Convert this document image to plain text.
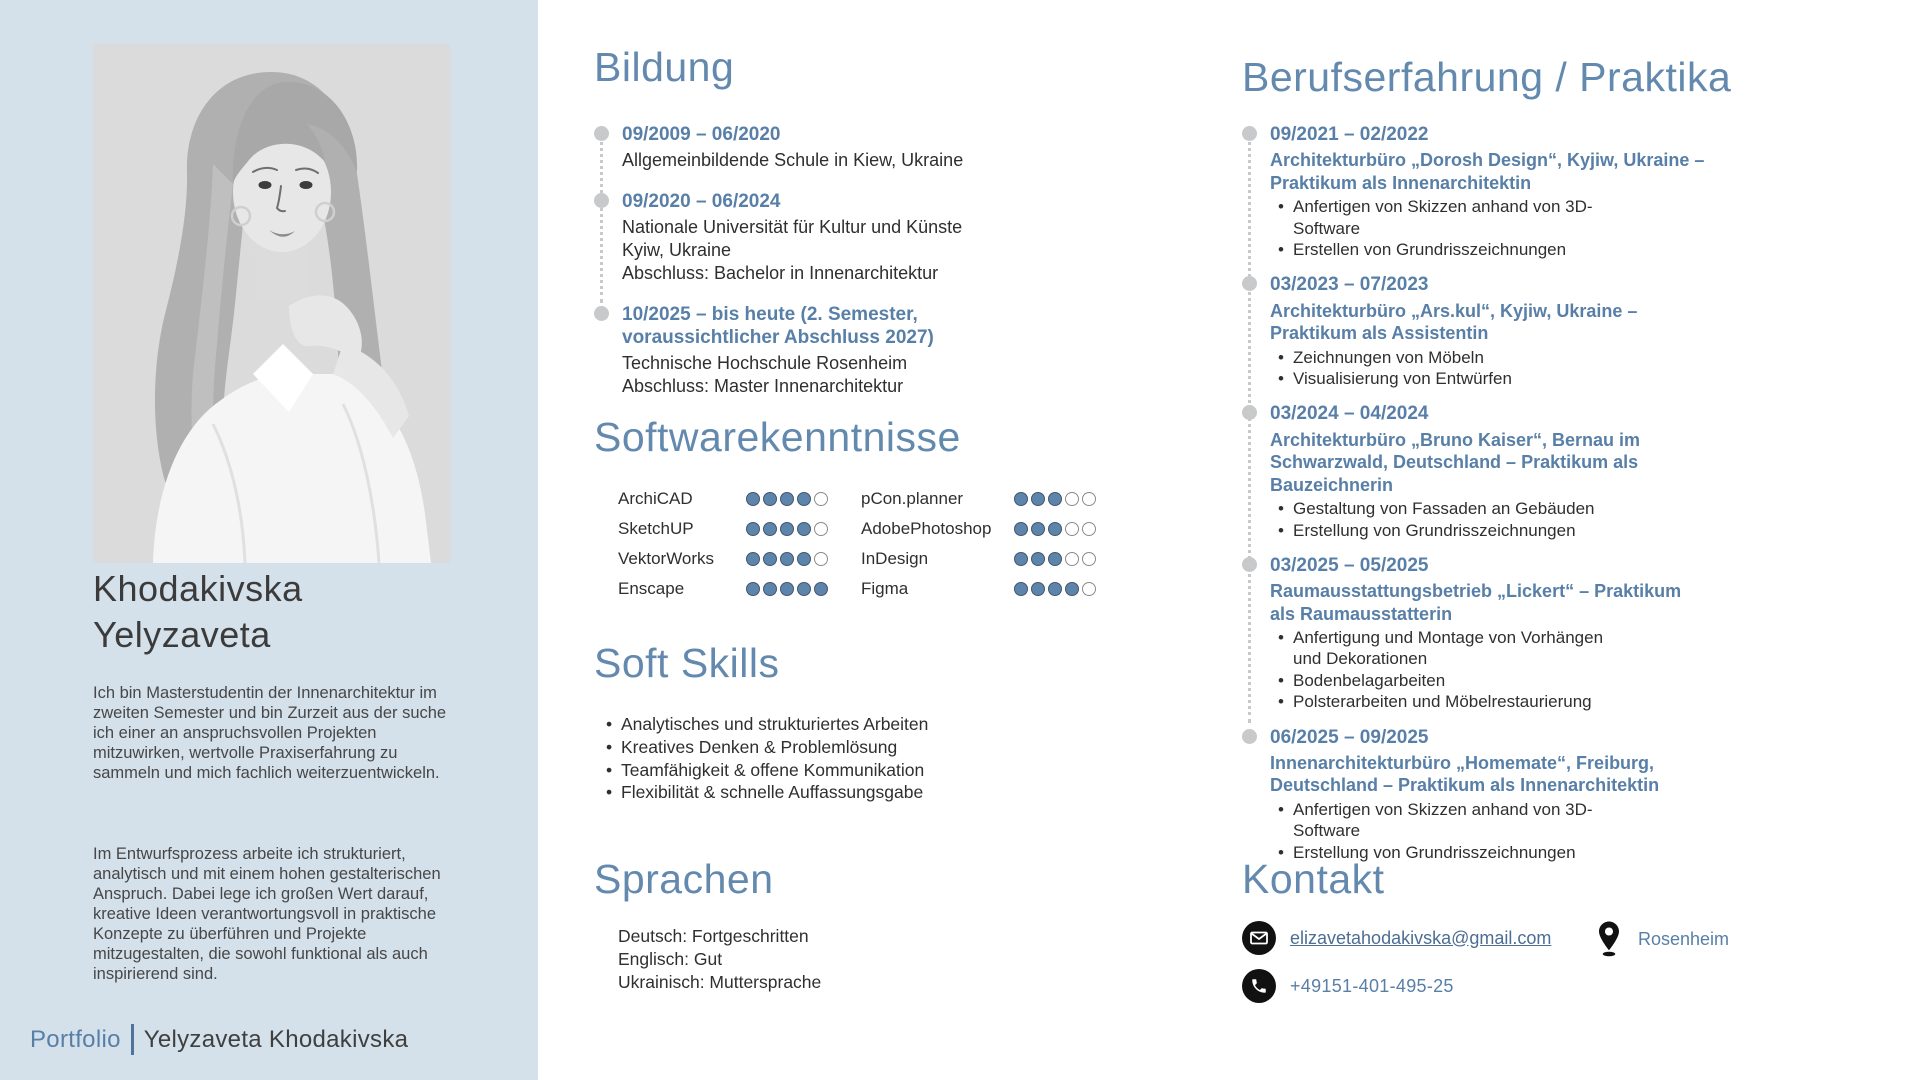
Khodakivska
Yelyzaveta

Ich bin Masterstudentin der Innenarchitektur im zweiten Semester und bin Zurzeit aus der suche ich einer an anspruchsvollen Projekten mitzuwirken, wertvolle Praxiserfahrung zu sammeln und mich fachlich weiterzuentwickeln.

Im Entwurfsprozess arbeite ich strukturiert, analytisch und mit einem hohen gestalterischen Anspruch. Dabei lege ich großen Wert darauf, kreative Ideen verantwortungsvoll in praktische Konzepte zu überführen und Projekte mitzugestalten, die sowohl funktional als auch inspirierend sind.

Portfolio Yelyzaveta Khodakivska
Bildung
09/2009 – 06/2020
Allgemeinbildende Schule in Kiew, Ukraine
09/2020 – 06/2024
Nationale Universität für Kultur und Künste Kyiw, Ukraine
Abschluss: Bachelor in Innenarchitektur
10/2025 – bis heute (2. Semester, voraussichtlicher Abschluss 2027)
Technische Hochschule Rosenheim
Abschluss: Master Innenarchitektur
Softwarekenntnisse
ArchiCAD	pCon.planner
SketchUP	AdobePhotoshop
VektorWorks	InDesign
Enscape	Figma
Soft Skills
• Analytisches und strukturiertes Arbeiten
• Kreatives Denken & Problemlösung
• Teamfähigkeit & offene Kommunikation
• Flexibilität & schnelle Auffassungsgabe
Sprachen
Deutsch: Fortgeschritten
Englisch: Gut
Ukrainisch: Muttersprache
Berufserfahrung / Praktika
09/2021 – 02/2022
Architekturbüro „Dorosh Design“, Kyjiw, Ukraine – Praktikum als Innenarchitektin
• Anfertigen von Skizzen anhand von 3D-Software
• Erstellen von Grundrisszeichnungen
03/2023 – 07/2023
Architekturbüro „Ars.kul“, Kyjiw, Ukraine – Praktikum als Assistentin
• Zeichnungen von Möbeln
• Visualisierung von Entwürfen
03/2024 – 04/2024
Architekturbüro „Bruno Kaiser“, Bernau im Schwarzwald, Deutschland – Praktikum als Bauzeichnerin
• Gestaltung von Fassaden an Gebäuden
• Erstellung von Grundrisszeichnungen
03/2025 – 05/2025
Raumausstattungsbetrieb „Lickert“ – Praktikum als Raumausstatterin
• Anfertigung und Montage von Vorhängen und Dekorationen
• Bodenbelagarbeiten
• Polsterarbeiten und Möbelrestaurierung
06/2025 – 09/2025
Innenarchitekturbüro „Homemate“, Freiburg, Deutschland – Praktikum als Innenarchitektin
• Anfertigen von Skizzen anhand von 3D-Software
• Erstellung von Grundrisszeichnungen
Kontakt
elizavetahodakivska@gmail.com
+49151-401-495-25
Rosenheim
